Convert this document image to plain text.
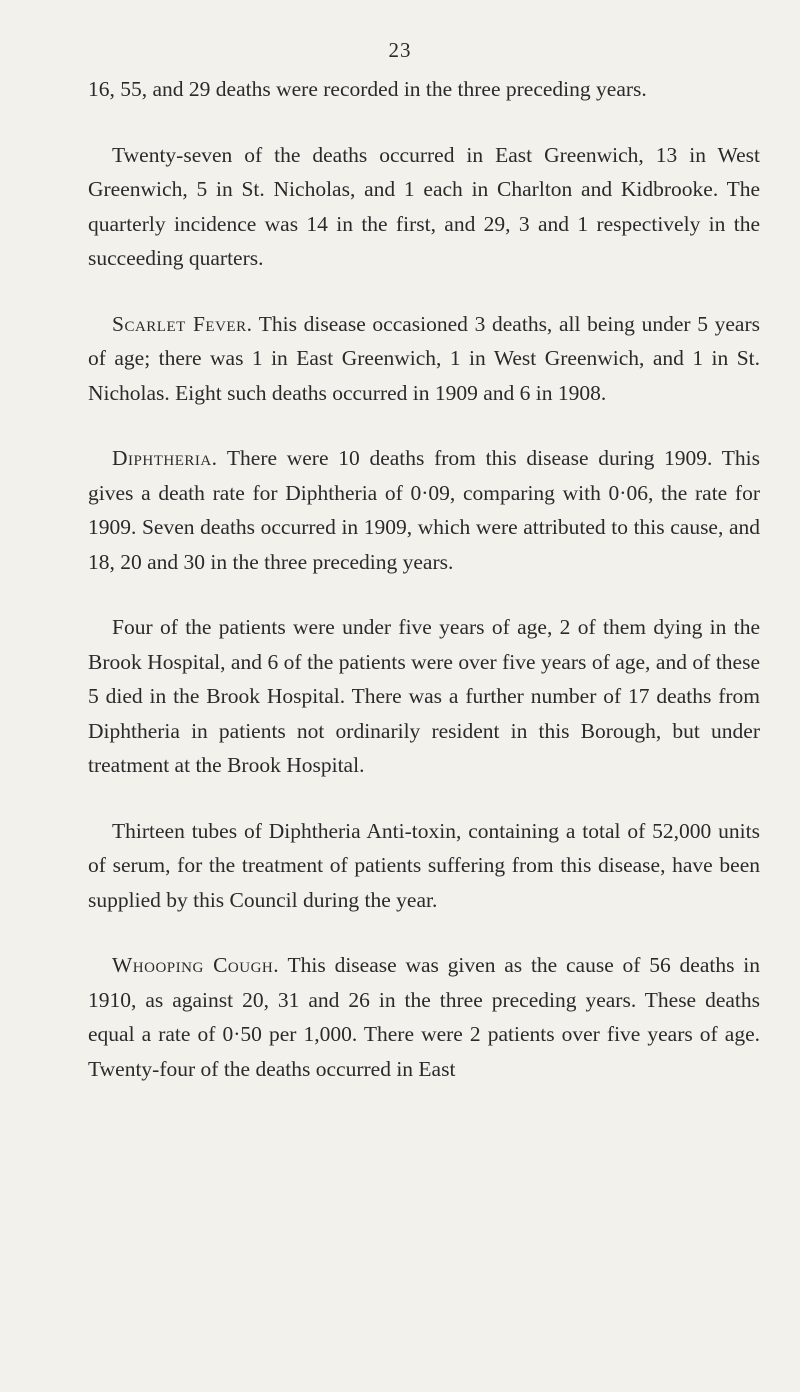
23

16, 55, and 29 deaths were recorded in the three preceding years.

Twenty-seven of the deaths occurred in East Greenwich, 13 in West Greenwich, 5 in St. Nicholas, and 1 each in Charlton and Kidbrooke. The quarterly incidence was 14 in the first, and 29, 3 and 1 respectively in the succeeding quarters.

Scarlet Fever. This disease occasioned 3 deaths, all being under 5 years of age; there was 1 in East Greenwich, 1 in West Greenwich, and 1 in St. Nicholas. Eight such deaths occurred in 1909 and 6 in 1908.

Diphtheria. There were 10 deaths from this disease during 1909. This gives a death rate for Diphtheria of 0·09, comparing with 0·06, the rate for 1909. Seven deaths occurred in 1909, which were attributed to this cause, and 18, 20 and 30 in the three preceding years.

Four of the patients were under five years of age, 2 of them dying in the Brook Hospital, and 6 of the patients were over five years of age, and of these 5 died in the Brook Hospital. There was a further number of 17 deaths from Diphtheria in patients not ordinarily resident in this Borough, but under treatment at the Brook Hospital.

Thirteen tubes of Diphtheria Anti-toxin, containing a total of 52,000 units of serum, for the treatment of patients suffering from this disease, have been supplied by this Council during the year.

Whooping Cough. This disease was given as the cause of 56 deaths in 1910, as against 20, 31 and 26 in the three preceding years. These deaths equal a rate of 0·50 per 1,000. There were 2 patients over five years of age. Twenty-four of the deaths occurred in East
